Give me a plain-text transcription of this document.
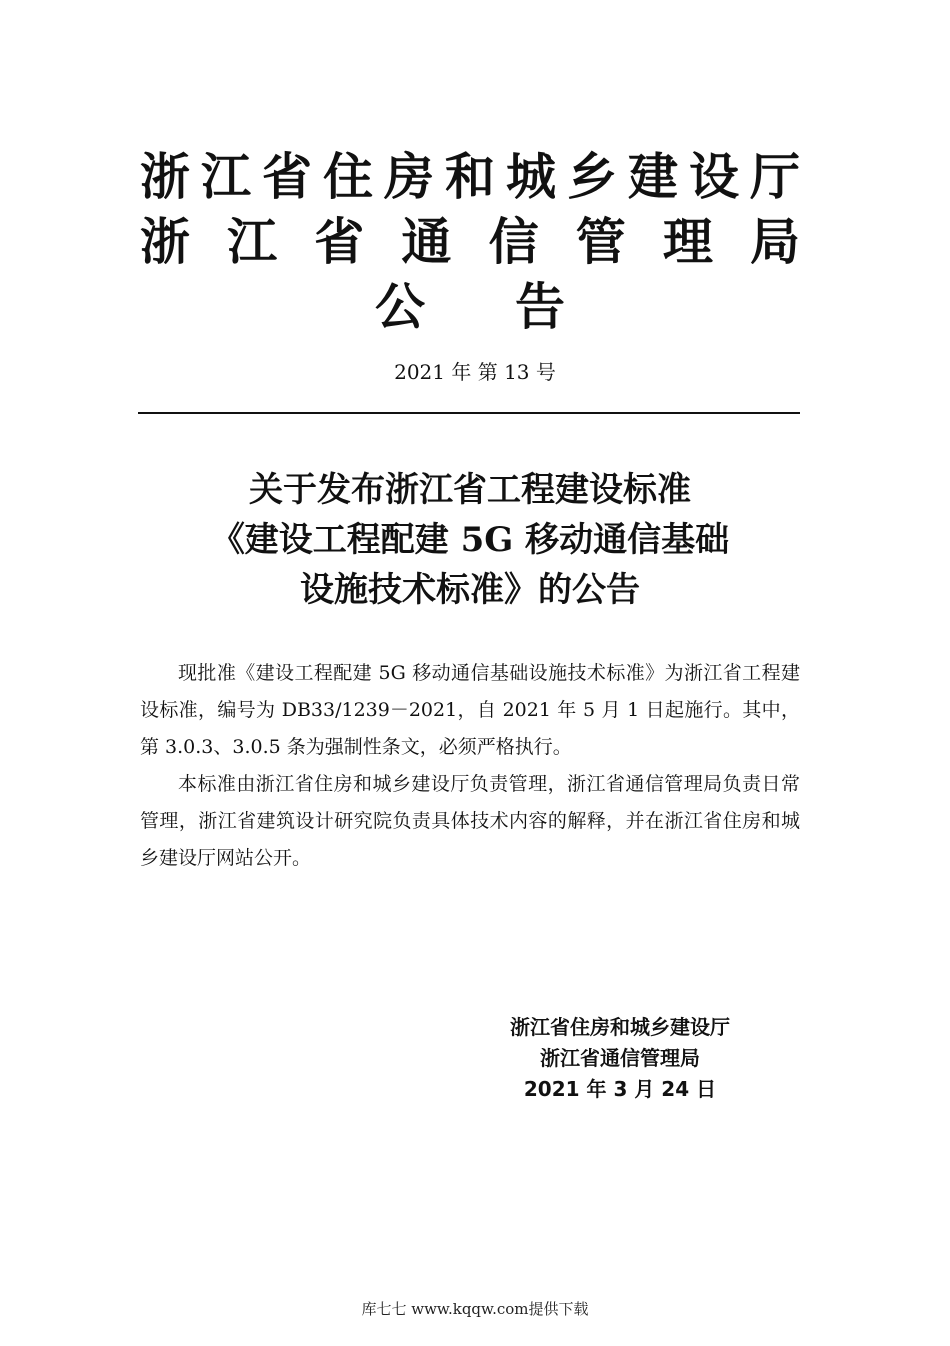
浙 江 省 住 房 和 城 乡 建 设 厅
浙 江 省 通 信 管 理 局
公 告
2021 年 第 13 号
关于发布浙江省工程建设标准
《建设工程配建 5G 移动通信基础
设施技术标准》的公告

现批准《建设工程配建 5G 移动通信基础设施技术标准》为浙江省工程建设标准，编号为 DB33/1239－2021，自 2021 年 5 月 1 日起施行。其中，第 3.0.3、3.0.5 条为强制性条文，必须严格执行。

本标准由浙江省住房和城乡建设厅负责管理，浙江省通信管理局负责日常管理，浙江省建筑设计研究院负责具体技术内容的解释，并在浙江省住房和城乡建设厅网站公开。

浙江省住房和城乡建设厅
浙江省通信管理局
2021 年 3 月 24 日
库七七 www.kqqw.com提供下载
